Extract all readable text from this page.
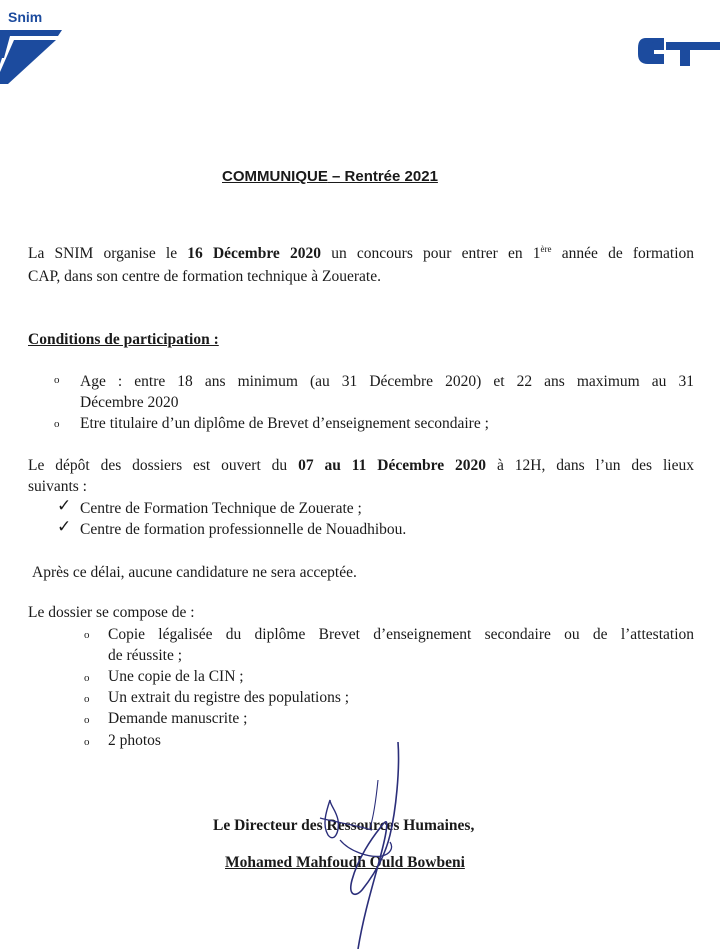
Snim
COMMUNIQUE – Rentrée 2021
La SNIM organise le 16 Décembre 2020 un concours pour entrer en 1ère année de formation
CAP, dans son centre de formation technique à Zouerate.
Conditions de participation :
o Age : entre 18 ans minimum (au 31 Décembre 2020) et 22 ans maximum au 31
Décembre 2020
o Etre titulaire d’un diplôme de Brevet d’enseignement secondaire ;
Le dépôt des dossiers est ouvert du 07 au 11 Décembre 2020 à 12H, dans l’un des lieux
suivants :
✓ Centre de Formation Technique de Zouerate ;
✓ Centre de formation professionnelle de Nouadhibou.
Après ce délai, aucune candidature ne sera acceptée.
Le dossier se compose de :
o Copie légalisée du diplôme Brevet d’enseignement secondaire ou de l’attestation
de réussite ;
o Une copie de la CIN ;
o Un extrait du registre des populations ;
o Demande manuscrite ;
o 2 photos
Le Directeur des Ressources Humaines,
Mohamed Mahfoudh Ould Bowbeni
